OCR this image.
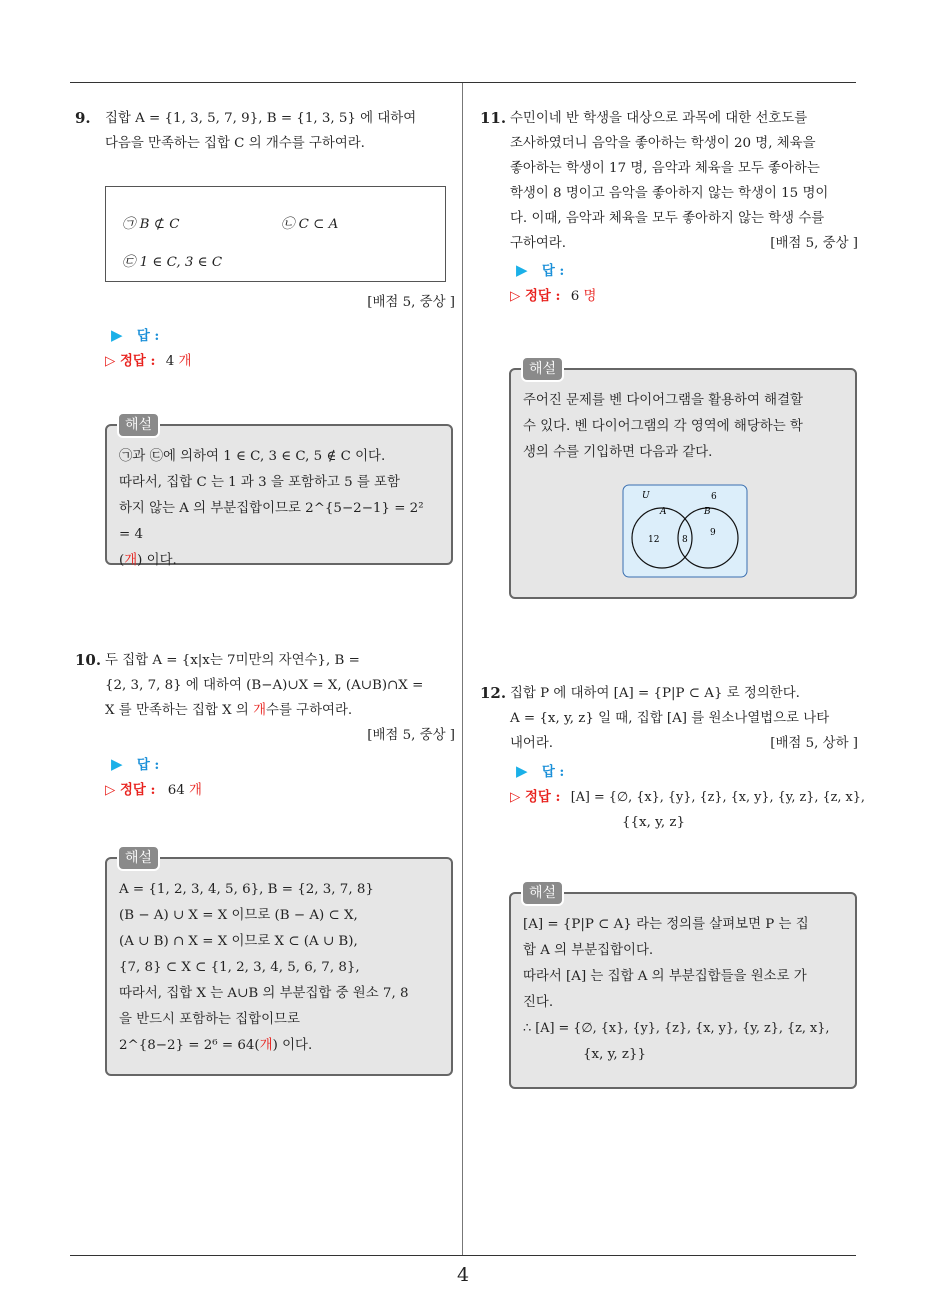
4
9. 집합 A = {1, 3, 5, 7, 9}, B = {1, 3, 5} 에 대하여

다음을 만족하는 집합 C 의 개수를 구하여라.

㉠ B ⊄ C	㉡ C ⊂ A
㉢ 1 ∈ C, 3 ∈ C
[배점 5, 중상 ]
▶ 답 :
▷ 정답 : 4 개

㉠과 ㉢에 의하여 1 ∈ C, 3 ∈ C, 5 ∉ C 이다.

따라서, 집합 C 는 1 과 3 을 포함하고 5 를 포함

하지 않는 A 의 부분집합이므로 2^{5−2−1} = 2² = 4

(개) 이다.

해설
10. 두 집합 A = {x|x는 7미만의 자연수}, B =

{2, 3, 7, 8} 에 대하여 (B−A)∪X = X, (A∪B)∩X =

X 를 만족하는 집합 X 의 개수를 구하여라.

[배점 5, 중상 ]
▶ 답 :
▷ 정답 : 64 개

A = {1, 2, 3, 4, 5, 6}, B = {2, 3, 7, 8}

(B − A) ∪ X = X 이므로 (B − A) ⊂ X,

(A ∪ B) ∩ X = X 이므로 X ⊂ (A ∪ B),

{7, 8} ⊂ X ⊂ {1, 2, 3, 4, 5, 6, 7, 8},

따라서, 집합 X 는 A∪B 의 부분집합 중 원소 7, 8

을 반드시 포함하는 집합이므로

2^{8−2} = 2⁶ = 64(개) 이다.

해설
11. 수민이네 반 학생을 대상으로 과목에 대한 선호도를

조사하였더니 음악을 좋아하는 학생이 20 명, 체육을

좋아하는 학생이 17 명, 음악과 체육을 모두 좋아하는

학생이 8 명이고 음악을 좋아하지 않는 학생이 15 명이

다. 이때, 음악과 체육을 모두 좋아하지 않는 학생 수를

구하여라.	[배점 5, 중상 ]
▶ 답 :
▷ 정답 : 6 명

주어진 문제를 벤 다이어그램을 활용하여 해결할

수 있다. 벤 다이어그램의 각 영역에 해당하는 학

생의 수를 기입하면 다음과 같다.

U	6
A	B
12	8
9
해설
12. 집합 P 에 대하여 [A] = {P|P ⊂ A} 로 정의한다.

A = {x, y, z} 일 때, 집합 [A] 를 원소나열법으로 나타

내어라.	[배점 5, 상하 ]
▶ 답 :
▷ 정답 : [A] = {∅, {x}, {y}, {z}, {x, y}, {y, z}, {z, x},
{{x, y, z}

[A] = {P|P ⊂ A} 라는 정의를 살펴보면 P 는 집

합 A 의 부분집합이다.

따라서 [A] 는 집합 A 의 부분집합들을 원소로 가

진다.

∴ [A] = {∅, {x}, {y}, {z}, {x, y}, {y, z}, {z, x},

{x, y, z}}

해설
